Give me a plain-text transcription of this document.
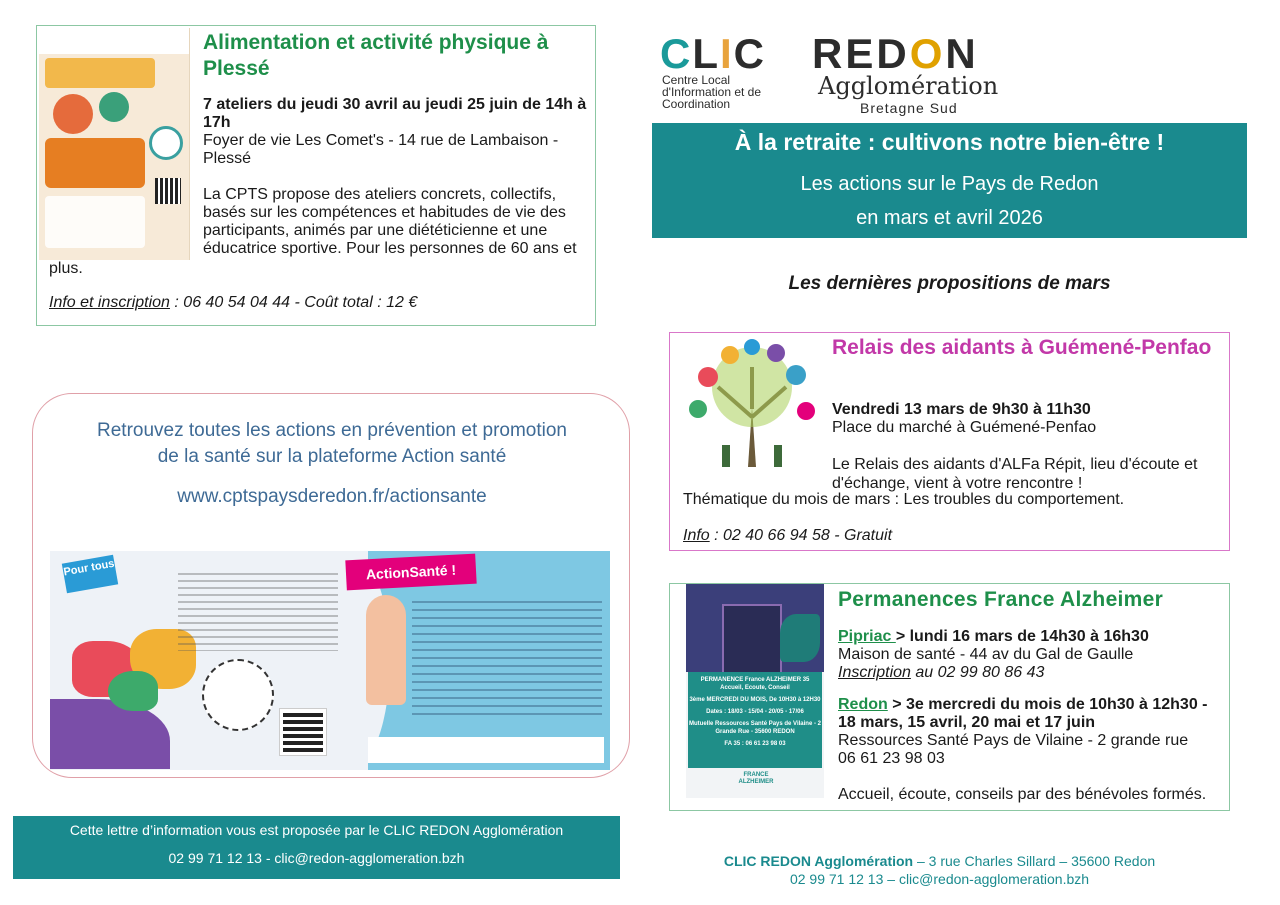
Alimentation et activité physique à Plessé
7 ateliers du jeudi 30 avril au jeudi 25 juin de 14h à 17h
Foyer de vie Les Comet's - 14 rue de Lambaison - Plessé
La CPTS propose des ateliers concrets, collectifs, basés sur les compétences et habitudes de vie des participants, animés par une diététicienne et une éducatrice sportive. Pour les personnes de 60 ans et
plus.
Info et inscription : 06 40 54 04 44 - Coût total : 12 €
CLIC
Centre Local d'Information et de Coordination
REDON
Agglomération
Bretagne Sud
À la retraite : cultivons notre bien-être !
Les actions sur le Pays de Redon
en mars et avril 2026
Les dernières propositions de mars
Relais des aidants à Guémené-Penfao
Vendredi 13 mars de 9h30 à 11h30
Place du marché à Guémené-Penfao
Le Relais des aidants d'ALFa Répit, lieu d'écoute et d'échange, vient à votre rencontre !
Thématique du mois de mars : Les troubles du comportement.
Info : 02 40 66 94 58 - Gratuit
PERMANENCE France ALZHEIMER 35
Accueil, Ecoute, Conseil
3ème MERCREDI DU MOIS, De 10H30 à 12H30
Dates : 18/03 - 15/04 - 20/05 - 17/06
Mutuelle Ressources Santé Pays de Vilaine - 2 Grande Rue - 35600 REDON
FA 35 : 06 61 23 98 03
FRANCE ALZHEIMER
Permanences France Alzheimer
Pipriac > lundi 16 mars de 14h30 à 16h30
Maison de santé - 44 av du Gal de Gaulle
Inscription au 02 99 80 86 43
Redon > 3e mercredi du mois de 10h30 à 12h30 - 18 mars, 15 avril, 20 mai et 17 juin
Ressources Santé Pays de Vilaine - 2 grande rue
06 61 23 98 03
Accueil, écoute, conseils par des bénévoles formés.
Retrouvez toutes les actions en prévention et promotion
de la santé sur la plateforme Action santé
www.cptspaysderedon.fr/actionsante
Pour tous	ActionSanté !
Cette lettre d’information vous est proposée par le CLIC REDON Agglomération
02 99 71 12 13 - clic@redon-agglomeration.bzh	CLIC REDON Agglomération – 3 rue Charles Sillard – 35600 Redon
02 99 71 12 13 – clic@redon-agglomeration.bzh
